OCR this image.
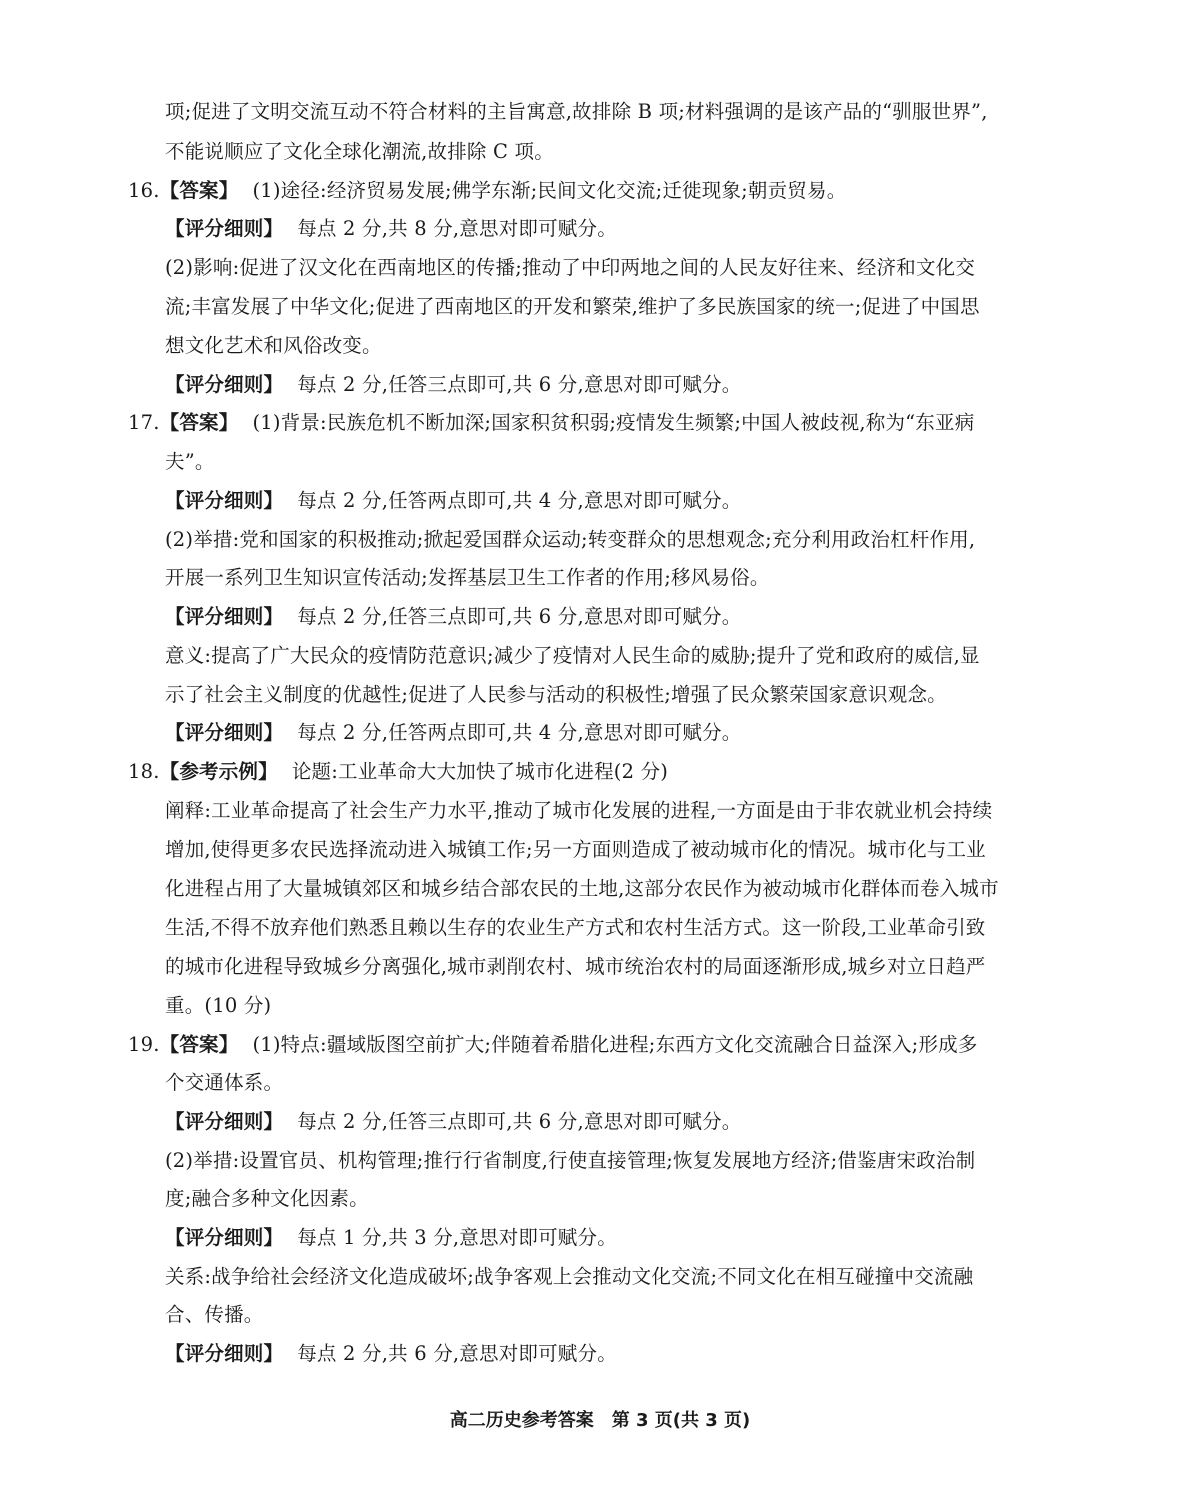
项;促进了文明交流互动不符合材料的主旨寓意,故排除 B 项;材料强调的是该产品的“驯服世界”,
不能说顺应了文化全球化潮流,故排除 C 项。
16.【答案】 (1)途径:经济贸易发展;佛学东渐;民间文化交流;迁徙现象;朝贡贸易。
【评分细则】 每点 2 分,共 8 分,意思对即可赋分。
(2)影响:促进了汉文化在西南地区的传播;推动了中印两地之间的人民友好往来、经济和文化交
流;丰富发展了中华文化;促进了西南地区的开发和繁荣,维护了多民族国家的统一;促进了中国思
想文化艺术和风俗改变。
【评分细则】 每点 2 分,任答三点即可,共 6 分,意思对即可赋分。
17.【答案】 (1)背景:民族危机不断加深;国家积贫积弱;疫情发生频繁;中国人被歧视,称为“东亚病
夫”。
【评分细则】 每点 2 分,任答两点即可,共 4 分,意思对即可赋分。
(2)举措:党和国家的积极推动;掀起爱国群众运动;转变群众的思想观念;充分利用政治杠杆作用,
开展一系列卫生知识宣传活动;发挥基层卫生工作者的作用;移风易俗。
【评分细则】 每点 2 分,任答三点即可,共 6 分,意思对即可赋分。
意义:提高了广大民众的疫情防范意识;减少了疫情对人民生命的威胁;提升了党和政府的威信,显
示了社会主义制度的优越性;促进了人民参与活动的积极性;增强了民众繁荣国家意识观念。
【评分细则】 每点 2 分,任答两点即可,共 4 分,意思对即可赋分。
18.【参考示例】 论题:工业革命大大加快了城市化进程(2 分)
阐释:工业革命提高了社会生产力水平,推动了城市化发展的进程,一方面是由于非农就业机会持续
增加,使得更多农民选择流动进入城镇工作;另一方面则造成了被动城市化的情况。城市化与工业
化进程占用了大量城镇郊区和城乡结合部农民的土地,这部分农民作为被动城市化群体而卷入城市
生活,不得不放弃他们熟悉且赖以生存的农业生产方式和农村生活方式。这一阶段,工业革命引致
的城市化进程导致城乡分离强化,城市剥削农村、城市统治农村的局面逐渐形成,城乡对立日趋严
重。(10 分)
19.【答案】 (1)特点:疆域版图空前扩大;伴随着希腊化进程;东西方文化交流融合日益深入;形成多
个交通体系。
【评分细则】 每点 2 分,任答三点即可,共 6 分,意思对即可赋分。
(2)举措:设置官员、机构管理;推行行省制度,行使直接管理;恢复发展地方经济;借鉴唐宋政治制
度;融合多种文化因素。
【评分细则】 每点 1 分,共 3 分,意思对即可赋分。
关系:战争给社会经济文化造成破坏;战争客观上会推动文化交流;不同文化在相互碰撞中交流融
合、传播。
【评分细则】 每点 2 分,共 6 分,意思对即可赋分。
高二历史参考答案　第 3 页(共 3 页)
